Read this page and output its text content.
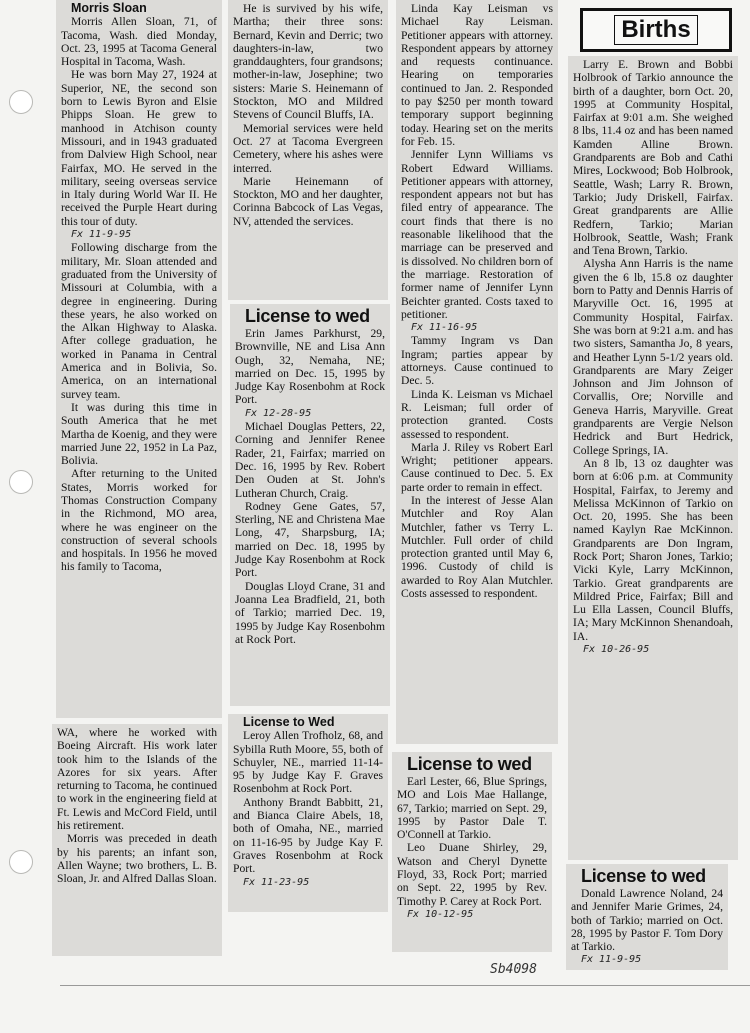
Morris Sloan

Morris Allen Sloan, 71, of Tacoma, Wash. died Monday, Oct. 23, 1995 at Tacoma General Hospital in Tacoma, Wash.

He was born May 27, 1924 at Superior, NE, the second son born to Lewis Byron and Elsie Phipps Sloan. He grew to manhood in Atchison county Missouri, and in 1943 graduated from Dalview High School, near Fairfax, MO. He served in the military, seeing overseas service in Italy during World War II. He received the Purple Heart during this tour of duty.

Fx 11-9-95

Following discharge from the military, Mr. Sloan attended and graduated from the University of Missouri at Columbia, with a degree in engineering. During these years, he also worked on the Alkan Highway to Alaska. After college graduation, he worked in Panama in Central America and in Bolivia, So. America, on an international survey team.

It was during this time in South America that he met Martha de Koenig, and they were married June 22, 1952 in La Paz, Bolivia.

After returning to the United States, Morris worked for Thomas Construction Company in the Richmond, MO area, where he was engineer on the construction of several schools and hospitals. In 1956 he moved his family to Tacoma,

WA, where he worked with Boeing Aircraft. His work later took him to the Islands of the Azores for six years. After returning to Tacoma, he continued to work in the engineering field at Ft. Lewis and McCord Field, until his retirement.

Morris was preceded in death by his parents; an infant son, Allen Wayne; two brothers, L. B. Sloan, Jr. and Alfred Dallas Sloan.

He is survived by his wife, Martha; their three sons: Bernard, Kevin and Derric; two daughters-in-law, two granddaughters, four grandsons; mother-in-law, Josephine; two sisters: Marie S. Heinemann of Stockton, MO and Mildred Stevens of Council Bluffs, IA.

Memorial services were held Oct. 27 at Tacoma Evergreen Cemetery, where his ashes were interred.

Marie Heinemann of Stockton, MO and her daughter, Corinna Babcock of Las Vegas, NV, attended the services.

License to wed

Erin James Parkhurst, 29, Brownville, NE and Lisa Ann Ough, 32, Nemaha, NE; married on Dec. 15, 1995 by Judge Kay Rosenbohm at Rock Port.

Fx 12-28-95

Michael Douglas Petters, 22, Corning and Jennifer Renee Rader, 21, Fairfax; married on Dec. 16, 1995 by Rev. Robert Den Ouden at St. John's Lutheran Church, Craig.

Rodney Gene Gates, 57, Sterling, NE and Christena Mae Long, 47, Sharpsburg, IA; married on Dec. 18, 1995 by Judge Kay Rosenbohm at Rock Port.

Douglas Lloyd Crane, 31 and Joanna Lea Bradfield, 21, both of Tarkio; married Dec. 19, 1995 by Judge Kay Rosenbohm at Rock Port.

License to Wed

Leroy Allen Trofholz, 68, and Sybilla Ruth Moore, 55, both of Schuyler, NE., married 11-14-95 by Judge Kay F. Graves Rosenbohm at Rock Port.

Anthony Brandt Babbitt, 21, and Bianca Claire Abels, 18, both of Omaha, NE., married on 11-16-95 by Judge Kay F. Graves Rosenbohm at Rock Port.

Fx 11-23-95

Linda Kay Leisman vs Michael Ray Leisman. Petitioner appears with attorney. Respondent appears by attorney and requests continuance. Hearing on temporaries continued to Jan. 2. Responded to pay $250 per month toward temporary support beginning today. Hearing set on the merits for Feb. 15.

Jennifer Lynn Williams vs Robert Edward Williams. Petitioner appears with attorney, respondent appears not but has filed entry of appearance. The court finds that there is no reasonable likelihood that the marriage can be preserved and is dissolved. No children born of the marriage. Restoration of former name of Jennifer Lynn Beichter granted. Costs taxed to petitioner.

Fx 11-16-95

Tammy Ingram vs Dan Ingram; parties appear by attorneys. Cause continued to Dec. 5.

Linda K. Leisman vs Michael R. Leisman; full order of protection granted. Costs assessed to respondent.

Marla J. Riley vs Robert Earl Wright; petitioner appears. Cause continued to Dec. 5. Ex parte order to remain in effect.

In the interest of Jesse Alan Mutchler and Roy Alan Mutchler, father vs Terry L. Mutchler. Full order of child protection granted until May 6, 1996. Custody of child is awarded to Roy Alan Mutchler. Costs assessed to respondent.

License to wed

Earl Lester, 66, Blue Springs, MO and Lois Mae Hallange, 67, Tarkio; married on Sept. 29, 1995 by Pastor Dale T. O'Connell at Tarkio.

Leo Duane Shirley, 29, Watson and Cheryl Dynette Floyd, 33, Rock Port; married on Sept. 22, 1995 by Rev. Timothy P. Carey at Rock Port.

Fx 10-12-95

Births

Larry E. Brown and Bobbi Holbrook of Tarkio announce the birth of a daughter, born Oct. 20, 1995 at Community Hospital, Fairfax at 9:01 a.m. She weighed 8 lbs, 11.4 oz and has been named Kamden Alline Brown. Grandparents are Bob and Cathi Mires, Lockwood; Bob Holbrook, Seattle, Wash; Larry R. Brown, Tarkio; Judy Driskell, Fairfax. Great grandparents are Allie Redfern, Tarkio; Marian Holbrook, Seattle, Wash; Frank and Tena Brown, Tarkio.

Alysha Ann Harris is the name given the 6 lb, 15.8 oz daughter born to Patty and Dennis Harris of Maryville Oct. 16, 1995 at Community Hospital, Fairfax. She was born at 9:21 a.m. and has two sisters, Samantha Jo, 8 years, and Heather Lynn 5-1/2 years old. Grandparents are Mary Zeiger Johnson and Jim Johnson of Corvallis, Ore; Norville and Geneva Harris, Maryville. Great grandparents are Vergie Nelson Hedrick and Burt Hedrick, College Springs, IA.

An 8 lb, 13 oz daughter was born at 6:06 p.m. at Community Hospital, Fairfax, to Jeremy and Melissa McKinnon of Tarkio on Oct. 20, 1995. She has been named Kaylyn Rae McKinnon. Grandparents are Don Ingram, Rock Port; Sharon Jones, Tarkio; Vicki Kyle, Larry McKinnon, Tarkio. Great grandparents are Mildred Price, Fairfax; Bill and Lu Ella Lassen, Council Bluffs, IA; Mary McKinnon Shenandoah, IA.

Fx 10-26-95

License to wed

Donald Lawrence Noland, 24 and Jennifer Marie Grimes, 24, both of Tarkio; married on Oct. 28, 1995 by Pastor F. Tom Dory at Tarkio.

Fx 11-9-95

Sb4098
